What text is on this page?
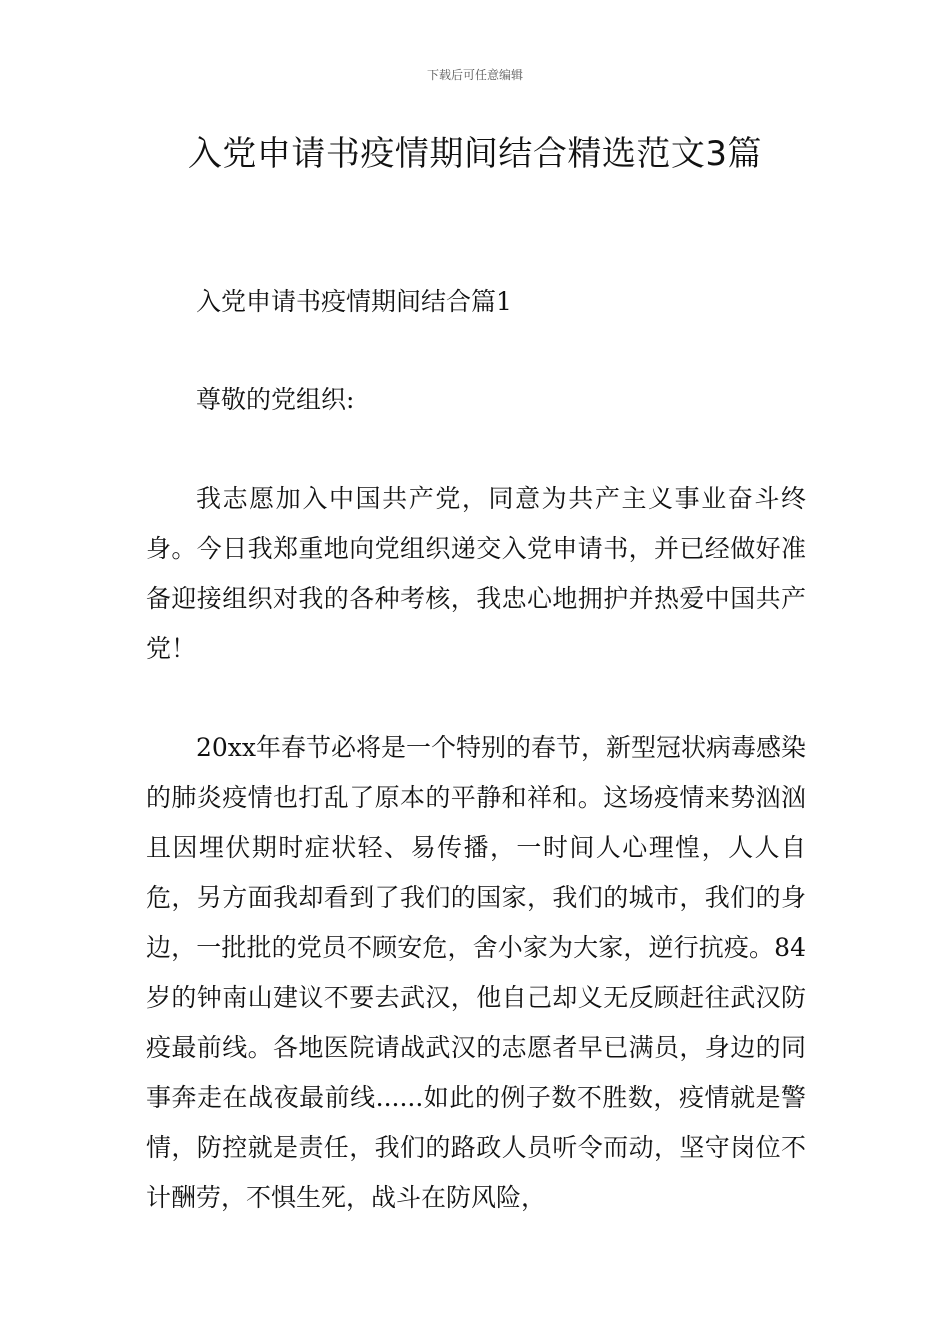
下载后可任意编辑
入党申请书疫情期间结合精选范文3篇
入党申请书疫情期间结合篇1

尊敬的党组织:

我志愿加入中国共产党，同意为共产主义事业奋斗终身。今日我郑重地向党组织递交入党申请书，并已经做好准备迎接组织对我的各种考核，我忠心地拥护并热爱中国共产党！

20xx年春节必将是一个特别的春节，新型冠状病毒感染的肺炎疫情也打乱了原本的平静和祥和。这场疫情来势汹汹且因埋伏期时症状轻、易传播，一时间人心理惶，人人自危，另方面我却看到了我们的国家，我们的城市，我们的身边，一批批的党员不顾安危，舍小家为大家，逆行抗疫。84岁的钟南山建议不要去武汉，他自己却义无反顾赶往武汉防疫最前线。各地医院请战武汉的志愿者早已满员，身边的同事奔走在战夜最前线......如此的例子数不胜数，疫情就是警情，防控就是责任，我们的路政人员听令而动，坚守岗位不计酬劳，不惧生死，战斗在防风险，
